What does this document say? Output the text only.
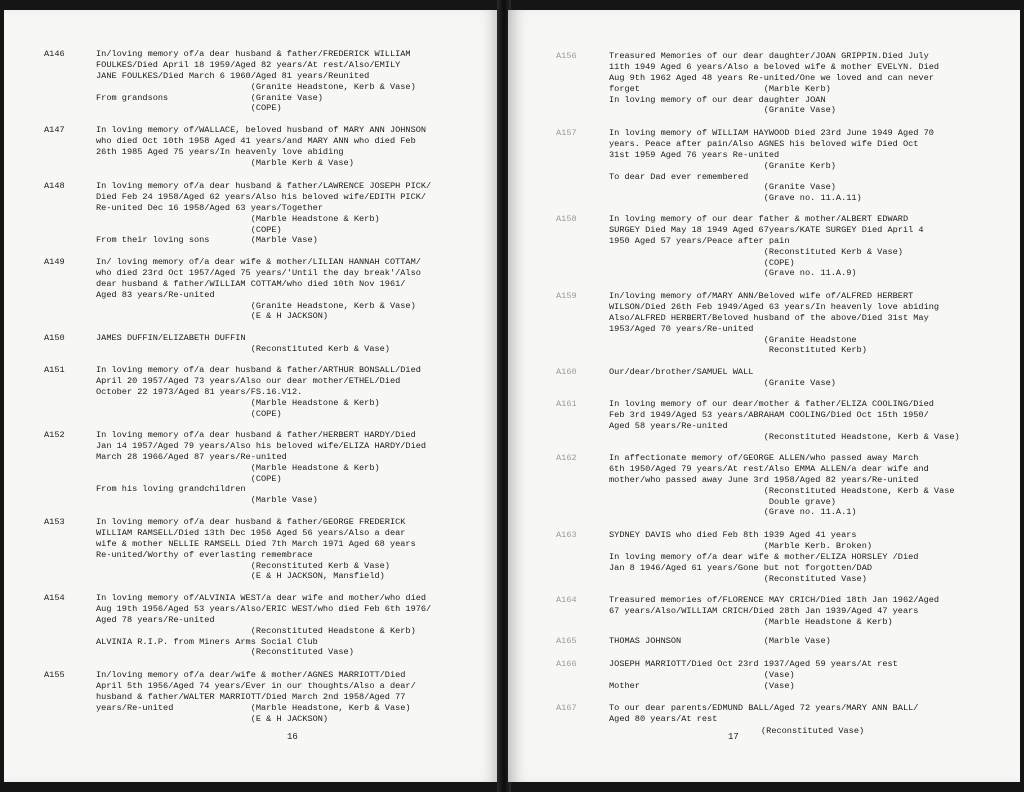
A146	In/loving memory of/a dear husband & father/FREDERICK WILLIAM
FOULKES/Died April 18 1959/Aged 82 years/At rest/Also/EMILY
JANE FOULKES/Died March 6 1960/Aged 81 years/Reunited
(Granite Headstone, Kerb & Vase)
From grandsons                (Granite Vase)
(COPE)
A147	In loving memory of/WALLACE, beloved husband of MARY ANN JOHNSON
who died Oct 10th 1958 Aged 41 years/and MARY ANN who died Feb
26th 1985 Aged 75 years/In heavenly love abiding
(Marble Kerb & Vase)
A148	In loving memory of/a dear husband & father/LAWRENCE JOSEPH PICK/
Died Feb 24 1958/Aged 62 years/Also his beloved wife/EDITH PICK/
Re-united Dec 16 1958/Aged 63 years/Together
(Marble Headstone & Kerb)
(COPE)
From their loving sons        (Marble Vase)
A149	In/ loving memory of/a dear wife & mother/LILIAN HANNAH COTTAM/
who died 23rd Oct 1957/Aged 75 years/'Until the day break'/Also
dear husband & father/WILLIAM COTTAM/who died 10th Nov 1961/
Aged 83 years/Re-united
(Granite Headstone, Kerb & Vase)
(E & H JACKSON)
A150	JAMES DUFFIN/ELIZABETH DUFFIN
(Reconstituted Kerb & Vase)
A151	In loving memory of/a dear husband & father/ARTHUR BONSALL/Died
April 20 1957/Aged 73 years/Also our dear mother/ETHEL/Died
October 22 1973/Aged 81 years/FS.16.V12.
(Marble Headstone & Kerb)
(COPE)
A152	In loving memory of/a dear husband & father/HERBERT HARDY/Died
Jan 14 1957/Aged 79 years/Also his beloved wife/ELIZA HARDY/Died
March 28 1966/Aged 87 years/Re-united
(Marble Headstone & Kerb)
(COPE)
From his loving grandchildren
(Marble Vase)
A153	In loving memory of/a dear husband & father/GEORGE FREDERICK
WILLIAM RAMSELL/Died 13th Dec 1956 Aged 56 years/Also a dear
wife & mother NELLIE RAMSELL Died 7th March 1971 Aged 68 years
Re-united/Worthy of everlasting remembrace
(Reconstituted Kerb & Vase)
(E & H JACKSON, Mansfield)
A154	In loving memory of/ALVINIA WEST/a dear wife and mother/who died
Aug 19th 1956/Aged 53 years/Also/ERIC WEST/who died Feb 6th 1976/
Aged 78 years/Re-united
(Reconstituted Headstone & Kerb)
ALVINIA R.I.P. from Miners Arms Social Club
(Reconstituted Vase)
A155	In/loving memory of/a dear/wife & mother/AGNES MARRIOTT/Died
April 5th 1956/Aged 74 years/Ever in our thoughts/Also a dear/
husband & father/WALTER MARRIOTT/Died March 2nd 1958/Aged 77
years/Re-united               (Marble Headstone, Kerb & Vase)
(E & H JACKSON)
16
A156	Treasured Memories of our dear daughter/JOAN GRIPPIN.Died July
11th 1949 Aged 6 years/Also a beloved wife & mother EVELYN. Died
Aug 9th 1962 Aged 48 years Re-united/One we loved and can never
forget                        (Marble Kerb)
In loving memory of our dear daughter JOAN
(Granite Vase)
A157	In loving memory of WILLIAM HAYWOOD Died 23rd June 1949 Aged 70
years. Peace after pain/Also AGNES his beloved wife Died Oct
31st 1959 Aged 76 years Re-united
(Granite Kerb)
To dear Dad ever remembered
(Granite Vase)
(Grave no. 11.A.11)
A158	In loving memory of our dear father & mother/ALBERT EDWARD
SURGEY Died May 18 1949 Aged 67years/KATE SURGEY Died April 4
1950 Aged 57 years/Peace after pain
(Reconstituted Kerb & Vase)
(COPE)
(Grave no. 11.A.9)
A159	In/loving memory of/MARY ANN/Beloved wife of/ALFRED HERBERT
WILSON/Died 26th Feb 1949/Aged 63 years/In heavenly love abiding
Also/ALFRED HERBERT/Beloved husband of the above/Died 31st May
1953/Aged 70 years/Re-united
(Granite Headstone
Reconstituted Kerb)
A160	Our/dear/brother/SAMUEL WALL
(Granite Vase)
A161	In loving memory of our dear/mother & father/ELIZA COOLING/Died
Feb 3rd 1949/Aged 53 years/ABRAHAM COOLING/Died Oct 15th 1950/
Aged 58 years/Re-united
(Reconstituted Headstone, Kerb & Vase)
A162	In affectionate memory of/GEORGE ALLEN/who passed away March
6th 1950/Aged 79 years/At rest/Also EMMA ALLEN/a dear wife and
mother/who passed away June 3rd 1958/Aged 82 years/Re-united
(Reconstituted Headstone, Kerb & Vase
Double grave)
(Grave no. 11.A.1)
A163	SYDNEY DAVIS who died Feb 8th 1939 Aged 41 years
(Marble Kerb. Broken)
In loving memory of/a dear wife & mother/ELIZA HORSLEY /Died
Jan 8 1946/Aged 61 years/Gone but not forgotten/DAD
(Reconstituted Vase)
A164	Treasured memories of/FLORENCE MAY CRICH/Died 18th Jan 1962/Aged
67 years/Also/WILLIAM CRICH/Died 28th Jan 1939/Aged 47 years
(Marble Headstone & Kerb)
A165	THOMAS JOHNSON                (Marble Vase)
A166	JOSEPH MARRIOTT/Died Oct 23rd 1937/Aged 59 years/At rest
(Vase)
Mother                        (Vase)
A167	To our dear parents/EDMUND BALL/Aged 72 years/MARY ANN BALL/
Aged 80 years/At rest
17
(Reconstituted Vase)
